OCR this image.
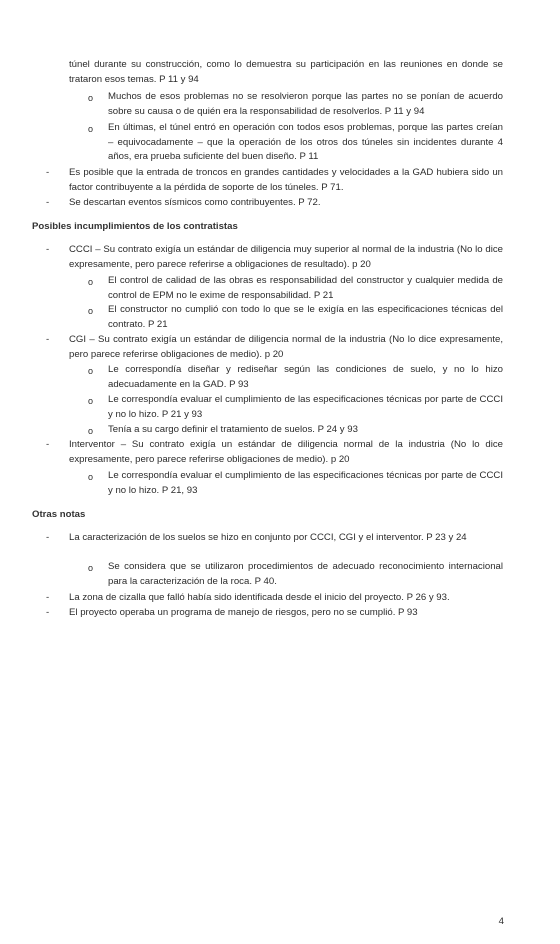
túnel durante su construcción, como lo demuestra su participación en las reuniones en donde se trataron esos temas. P 11 y 94
o Muchos de esos problemas no se resolvieron porque las partes no se ponían de acuerdo sobre su causa o de quién era la responsabilidad de resolverlos. P 11 y 94
o En últimas, el túnel entró en operación con todos esos problemas, porque las partes creían – equivocadamente – que la operación de los otros dos túneles sin incidentes durante 4 años, era prueba suficiente del buen diseño. P 11
- Es posible que la entrada de troncos en grandes cantidades y velocidades a la GAD hubiera sido un factor contribuyente a la pérdida de soporte de los túneles. P 71.
- Se descartan eventos sísmicos como contribuyentes. P 72.
Posibles incumplimientos de los contratistas
- CCCI – Su contrato exigía un estándar de diligencia muy superior al normal de la industria (No lo dice expresamente, pero parece referirse a obligaciones de resultado). p 20
o El control de calidad de las obras es responsabilidad del constructor y cualquier medida de control de EPM no le exime de responsabilidad. P 21
o El constructor no cumplió con todo lo que se le exigía en las especificaciones técnicas del contrato. P 21
- CGI – Su contrato exigía un estándar de diligencia normal de la industria (No lo dice expresamente, pero parece referirse obligaciones de medio). p 20
o Le correspondía diseñar y rediseñar según las condiciones de suelo, y no lo hizo adecuadamente en la GAD. P 93
o Le correspondía evaluar el cumplimiento de las especificaciones técnicas por parte de CCCI y no lo hizo. P 21 y 93
o Tenía a su cargo definir el tratamiento de suelos. P 24 y 93
- Interventor – Su contrato exigía un estándar de diligencia normal de la industria (No lo dice expresamente, pero parece referirse obligaciones de medio). p 20
o Le correspondía evaluar el cumplimiento de las especificaciones técnicas por parte de CCCI y no lo hizo. P 21, 93
Otras notas
- La caracterización de los suelos se hizo en conjunto por CCCI, CGI y el interventor. P 23 y 24
o Se considera que se utilizaron procedimientos de adecuado reconocimiento internacional para la caracterización de la roca. P 40.
- La zona de cizalla que falló había sido identificada desde el inicio del proyecto. P 26 y 93.
- El proyecto operaba un programa de manejo de riesgos, pero no se cumplió. P 93
4
